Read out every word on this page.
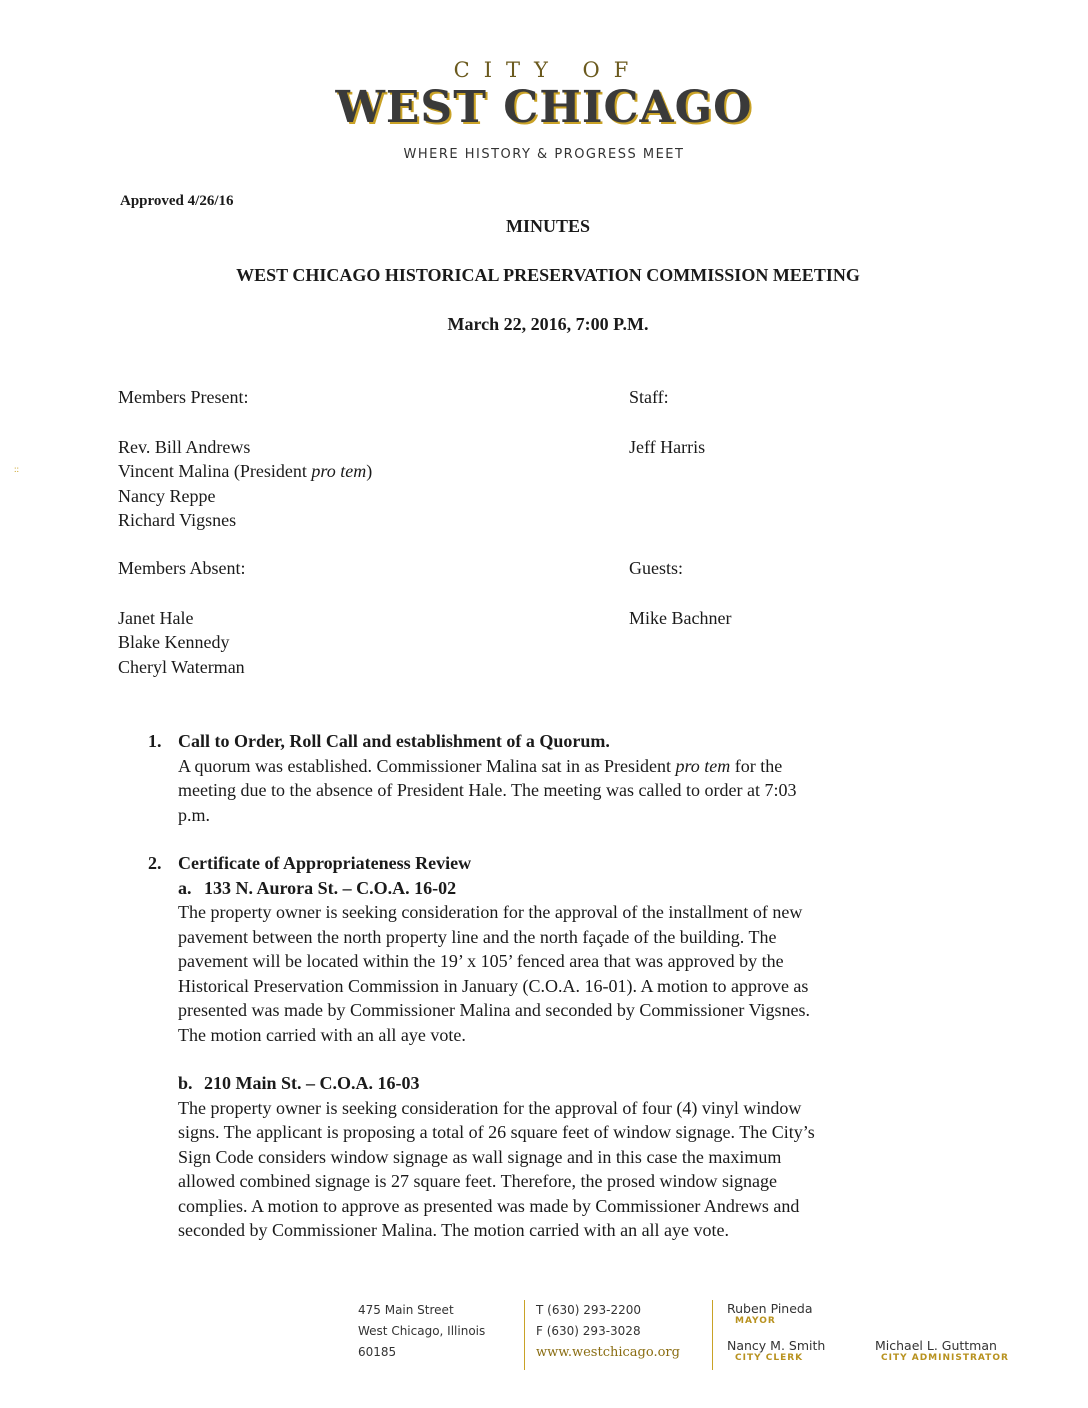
CITY OF
WEST CHICAGO
WHERE HISTORY & PROGRESS MEET
Approved 4/26/16
MINUTES
WEST CHICAGO HISTORICAL PRESERVATION COMMISSION MEETING
March 22, 2016, 7:00 P.M.
Members Present:
Rev. Bill Andrews
Vincent Malina (President pro tem)
Nancy Reppe
Richard Vigsnes
Staff:
Jeff Harris
::
Members Absent:
Janet Hale
Blake Kennedy
Cheryl Waterman
Guests:
Mike Bachner
1. Call to Order, Roll Call and establishment of a Quorum.
A quorum was established. Commissioner Malina sat in as President pro tem for the
meeting due to the absence of President Hale. The meeting was called to order at 7:03
p.m.
2. Certificate of Appropriateness Review
a. 133 N. Aurora St. – C.O.A. 16-02
The property owner is seeking consideration for the approval of the installment of new
pavement between the north property line and the north façade of the building. The
pavement will be located within the 19’ x 105’ fenced area that was approved by the
Historical Preservation Commission in January (C.O.A. 16-01). A motion to approve as
presented was made by Commissioner Malina and seconded by Commissioner Vigsnes.
The motion carried with an all aye vote.
b. 210 Main St. – C.O.A. 16-03
The property owner is seeking consideration for the approval of four (4) vinyl window
signs. The applicant is proposing a total of 26 square feet of window signage. The City’s
Sign Code considers window signage as wall signage and in this case the maximum
allowed combined signage is 27 square feet. Therefore, the prosed window signage
complies. A motion to approve as presented was made by Commissioner Andrews and
seconded by Commissioner Malina. The motion carried with an all aye vote.
475 Main Street
West Chicago, Illinois
60185
T (630) 293-2200
F (630) 293-3028
www.westchicago.org
Ruben Pineda
MAYOR
Nancy M. Smith
CITY CLERK
Michael L. Guttman
CITY ADMINISTRATOR
